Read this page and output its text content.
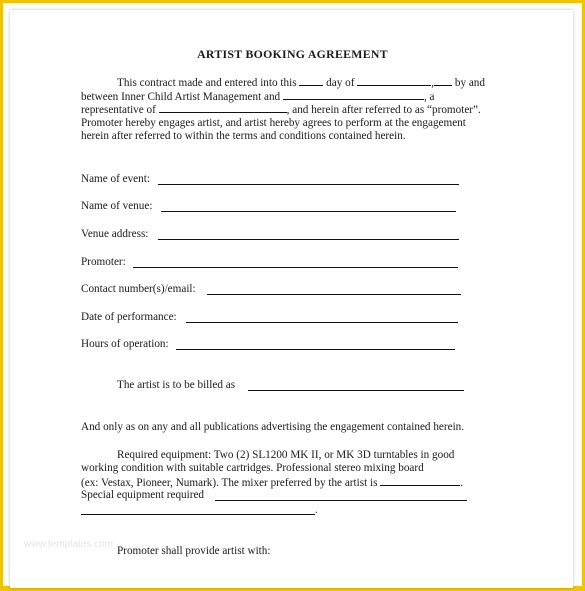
ARTIST BOOKING AGREEMENT
This contract made and entered into this	day of	, by and
between Inner Child Artist Management and	, a
representative of	, and herein after referred to as “promoter”.
Promoter hereby engages artist, and artist hereby agrees to perform at the engagement
herein after referred to within the terms and conditions contained herein.
Name of event:
Name of venue:
Venue address:
Promoter:
Contact number(s)/email:
Date of performance:
Hours of operation:
The artist is to be billed as
And only as on any and all publications advertising the engagement contained herein.
Required equipment: Two (2) SL1200 MK II, or MK 3D turntables in good
working condition with suitable cartridges. Professional stereo mixing board
(ex: Vestax, Pioneer, Numark). The mixer preferred by the artist is	.
Special equipment required
.
www.templates.com
Promoter shall provide artist with:
